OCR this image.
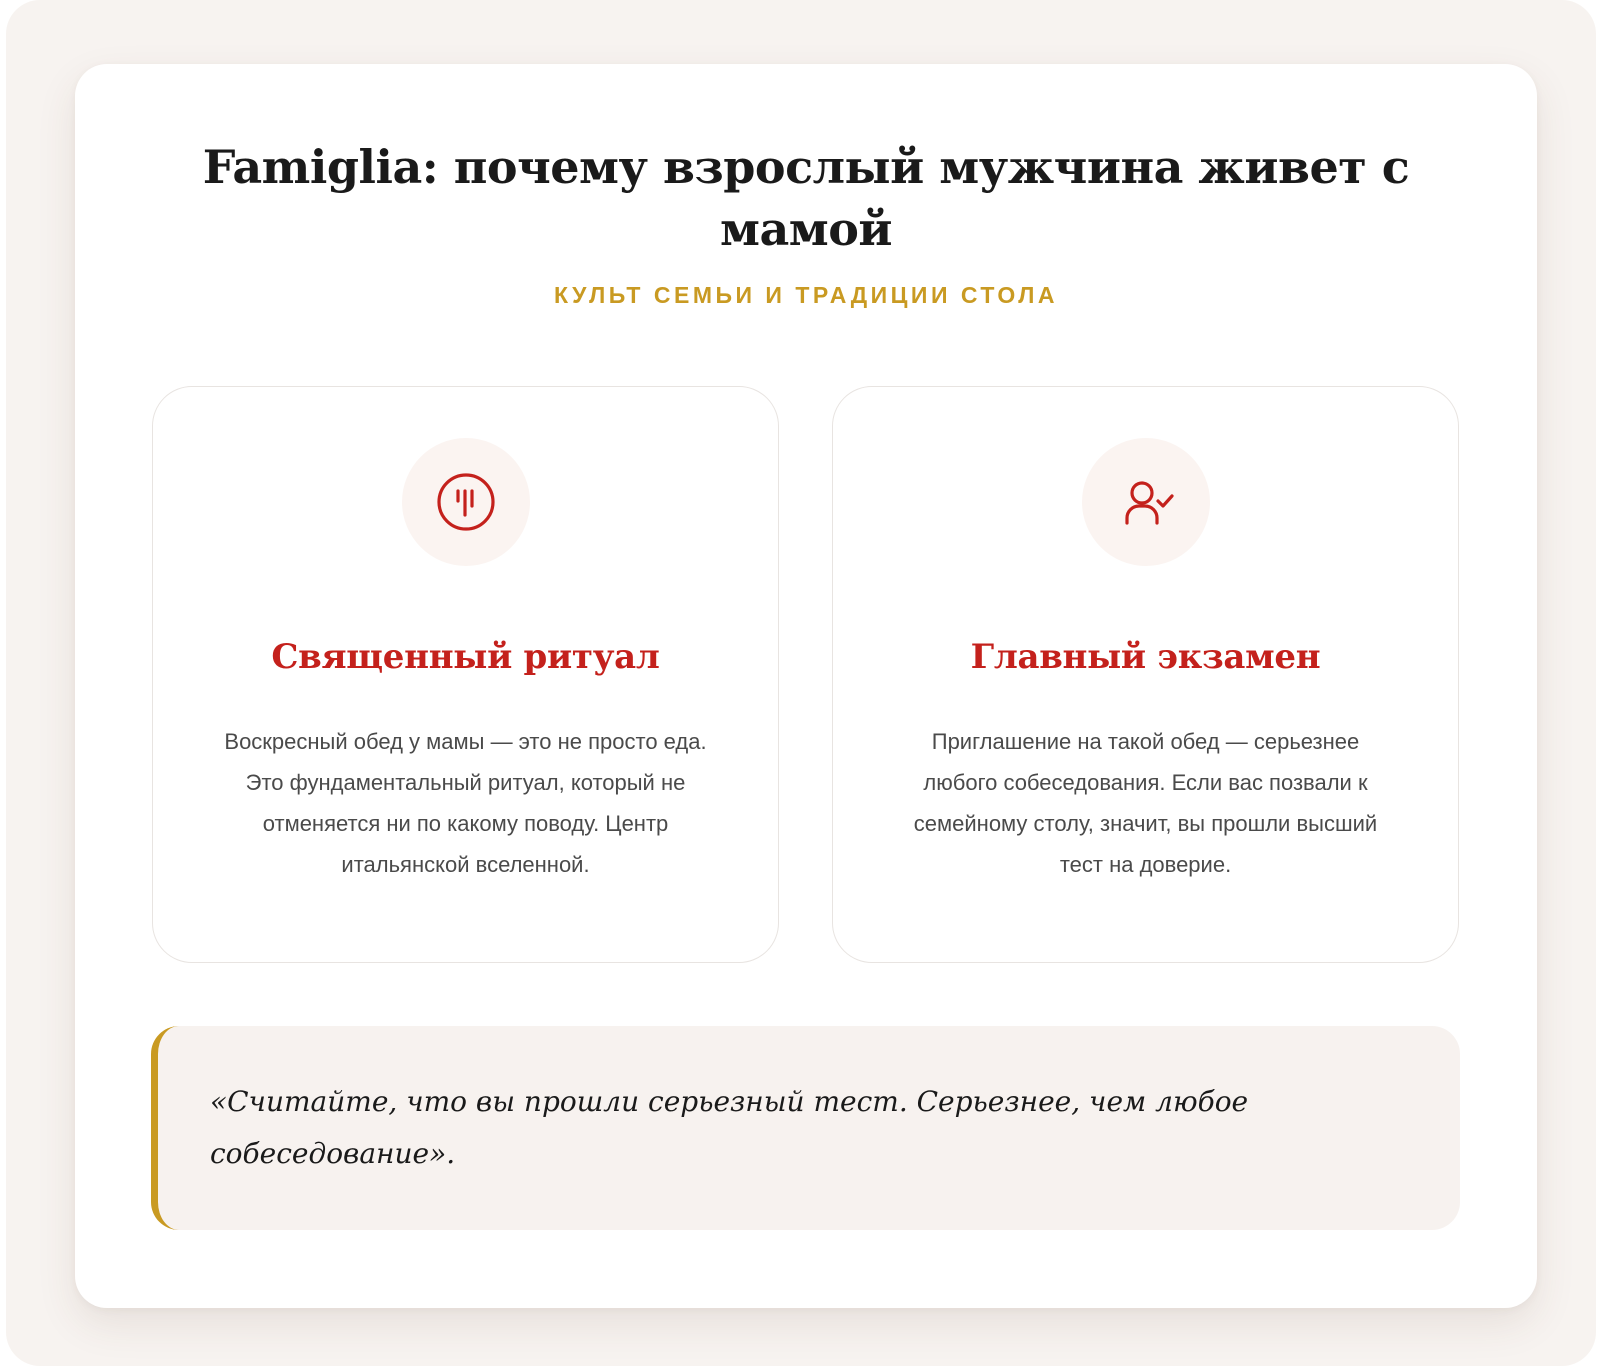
Famiglia: почему взрослый мужчина живет с мамой
КУЛЬТ СЕМЬИ И ТРАДИЦИИ СТОЛА
Священный ритуал
Воскресный обед у мамы — это не просто еда. Это фундаментальный ритуал, который не отменяется ни по какому поводу. Центр итальянской вселенной.
Главный экзамен
Приглашение на такой обед — серьезнее любого собеседования. Если вас позвали к семейному столу, значит, вы прошли высший тест на доверие.

«Считайте, что вы прошли серьезный тест. Серьезнее, чем любое собеседование».
